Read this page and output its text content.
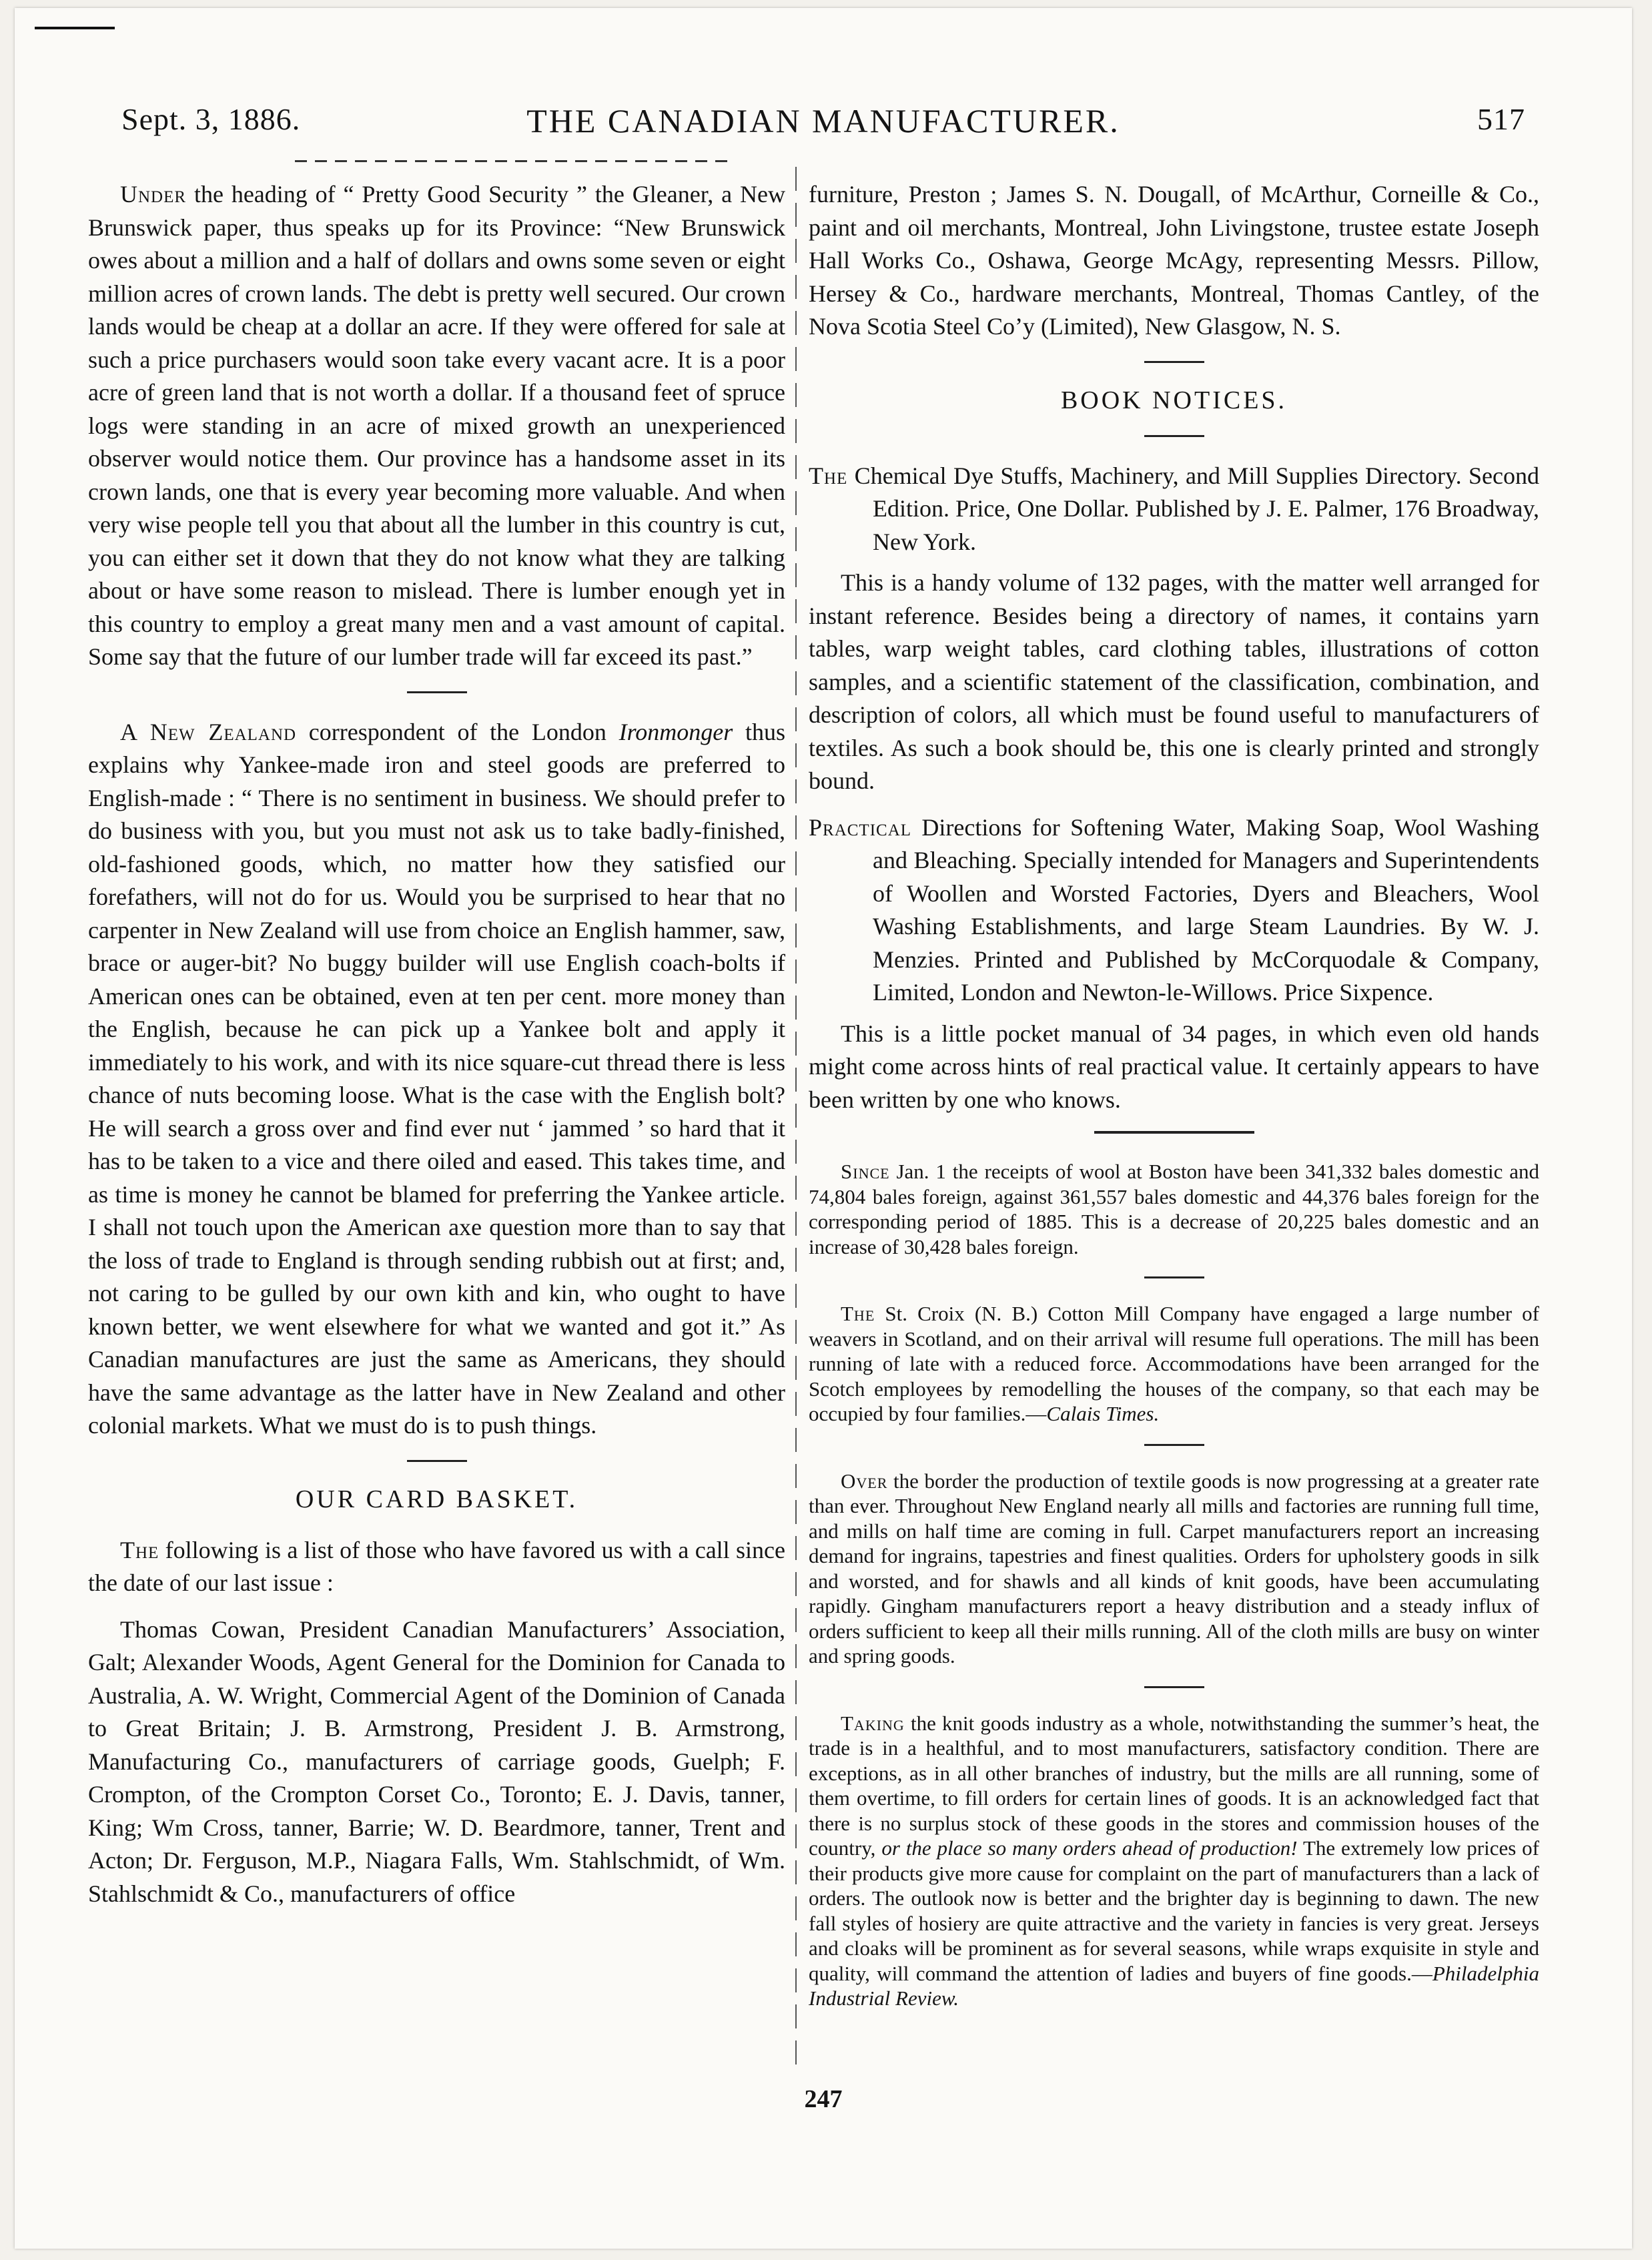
Sept. 3, 1886.	THE CANADIAN MANUFACTURER.	517

Under the heading of “ Pretty Good Security ” the Gleaner, a New Brunswick paper, thus speaks up for its Province: “New Brunswick owes about a million and a half of dollars and owns some seven or eight million acres of crown lands. The debt is pretty well secured. Our crown lands would be cheap at a dollar an acre. If they were offered for sale at such a price purchasers would soon take every vacant acre. It is a poor acre of green land that is not worth a dollar. If a thousand feet of spruce logs were standing in an acre of mixed growth an unexperienced observer would notice them. Our province has a handsome asset in its crown lands, one that is every year becoming more valuable. And when very wise people tell you that about all the lumber in this country is cut, you can either set it down that they do not know what they are talking about or have some reason to mislead. There is lumber enough yet in this country to employ a great many men and a vast amount of capital. Some say that the future of our lumber trade will far exceed its past.”

A New Zealand correspondent of the London Ironmonger thus explains why Yankee-made iron and steel goods are preferred to English-made : “ There is no sentiment in business. We should prefer to do business with you, but you must not ask us to take badly-finished, old-fashioned goods, which, no matter how they satisfied our forefathers, will not do for us. Would you be surprised to hear that no carpenter in New Zealand will use from choice an English hammer, saw, brace or auger-bit? No buggy builder will use English coach-bolts if American ones can be obtained, even at ten per cent. more money than the English, because he can pick up a Yankee bolt and apply it immediately to his work, and with its nice square-cut thread there is less chance of nuts becoming loose. What is the case with the English bolt? He will search a gross over and find ever nut ‘ jammed ’ so hard that it has to be taken to a vice and there oiled and eased. This takes time, and as time is money he cannot be blamed for preferring the Yankee article. I shall not touch upon the American axe question more than to say that the loss of trade to England is through sending rubbish out at first; and, not caring to be gulled by our own kith and kin, who ought to have known better, we went elsewhere for what we wanted and got it.” As Canadian manufactures are just the same as Americans, they should have the same advantage as the latter have in New Zealand and other colonial markets. What we must do is to push things.

OUR CARD BASKET.

The following is a list of those who have favored us with a call since the date of our last issue :

Thomas Cowan, President Canadian Manufacturers’ Association, Galt; Alexander Woods, Agent General for the Dominion for Canada to Australia, A. W. Wright, Commercial Agent of the Dominion of Canada to Great Britain; J. B. Armstrong, President J. B. Armstrong, Manufacturing Co., manufacturers of carriage goods, Guelph; F. Crompton, of the Crompton Corset Co., Toronto; E. J. Davis, tanner, King; Wm Cross, tanner, Barrie; W. D. Beardmore, tanner, Trent and Acton; Dr. Ferguson, M.P., Niagara Falls, Wm. Stahlschmidt, of Wm. Stahlschmidt & Co., manufacturers of office

furniture, Preston ; James S. N. Dougall, of McArthur, Corneille & Co., paint and oil merchants, Montreal, John Livingstone, trustee estate Joseph Hall Works Co., Oshawa, George McAgy, representing Messrs. Pillow, Hersey & Co., hardware merchants, Montreal, Thomas Cantley, of the Nova Scotia Steel Co’y (Limited), New Glasgow, N. S.

BOOK NOTICES.

The Chemical Dye Stuffs, Machinery, and Mill Supplies Directory. Second Edition. Price, One Dollar. Published by J. E. Palmer, 176 Broadway, New York.

This is a handy volume of 132 pages, with the matter well arranged for instant reference. Besides being a directory of names, it contains yarn tables, warp weight tables, card clothing tables, illustrations of cotton samples, and a scientific statement of the classification, combination, and description of colors, all which must be found useful to manufacturers of textiles. As such a book should be, this one is clearly printed and strongly bound.

Practical Directions for Softening Water, Making Soap, Wool Washing and Bleaching. Specially intended for Managers and Superintendents of Woollen and Worsted Factories, Dyers and Bleachers, Wool Washing Establishments, and large Steam Laundries. By W. J. Menzies. Printed and Published by McCorquodale & Company, Limited, London and Newton-le-Willows. Price Sixpence.

This is a little pocket manual of 34 pages, in which even old hands might come across hints of real practical value. It certainly appears to have been written by one who knows.

Since Jan. 1 the receipts of wool at Boston have been 341,332 bales domestic and 74,804 bales foreign, against 361,557 bales domestic and 44,376 bales foreign for the corresponding period of 1885. This is a decrease of 20,225 bales domestic and an increase of 30,428 bales foreign.

The St. Croix (N. B.) Cotton Mill Company have engaged a large number of weavers in Scotland, and on their arrival will resume full operations. The mill has been running of late with a reduced force. Accommodations have been arranged for the Scotch employees by remodelling the houses of the company, so that each may be occupied by four families.—Calais Times.

Over the border the production of textile goods is now progressing at a greater rate than ever. Throughout New England nearly all mills and factories are running full time, and mills on half time are coming in full. Carpet manufacturers report an increasing demand for ingrains, tapestries and finest qualities. Orders for upholstery goods in silk and worsted, and for shawls and all kinds of knit goods, have been accumulating rapidly. Gingham manufacturers report a heavy distribution and a steady influx of orders sufficient to keep all their mills running. All of the cloth mills are busy on winter and spring goods.

Taking the knit goods industry as a whole, notwithstanding the summer’s heat, the trade is in a healthful, and to most manufacturers, satisfactory condition. There are exceptions, as in all other branches of industry, but the mills are all running, some of them overtime, to fill orders for certain lines of goods. It is an acknowledged fact that there is no surplus stock of these goods in the stores and commission houses of the country, or the place so many orders ahead of production! The extremely low prices of their products give more cause for complaint on the part of manufacturers than a lack of orders. The outlook now is better and the brighter day is beginning to dawn. The new fall styles of hosiery are quite attractive and the variety in fancies is very great. Jerseys and cloaks will be prominent as for several seasons, while wraps exquisite in style and quality, will command the attention of ladies and buyers of fine goods.—Philadelphia Industrial Review.

247
